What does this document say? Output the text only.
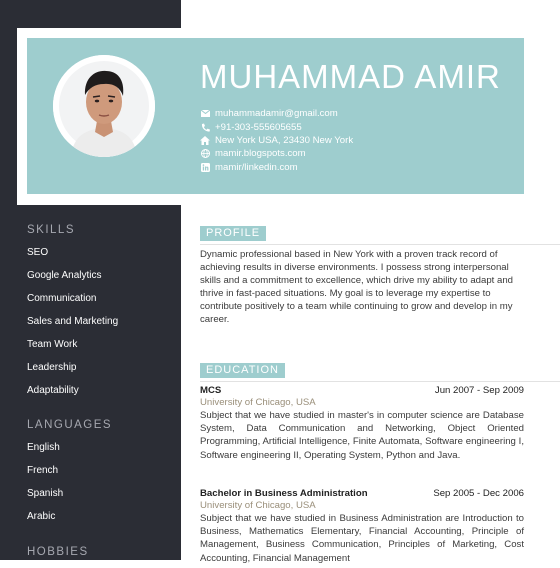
MUHAMMAD AMIR
muhammadamir@gmail.com
+91-303-555605655
New York USA, 23430 New York
mamir.blogspots.com
mamir/linkedin.com
SKILLS
SEO
Google Analytics
Communication
Sales and Marketing
Team Work
Leadership
Adaptability
LANGUAGES
English
French
Spanish
Arabic
HOBBIES
PROFILE
Dynamic professional based in New York with a proven track record of achieving results in diverse environments. I possess strong interpersonal skills and a commitment to excellence, which drive my ability to adapt and thrive in fast-paced situations. My goal is to leverage my expertise to contribute positively to a team while continuing to grow and develop in my career.
EDUCATION
MCS	Jun 2007 - Sep 2009
University of Chicago, USA
Subject that we have studied in master's in computer science are Database System, Data Communication and Networking, Object Oriented Programming, Artificial Intelligence, Finite Automata, Software engineering I, Software engineering II, Operating System, Python and Java.
Bachelor in Business Administration	Sep 2005 - Dec 2006
University of Chicago, USA
Subject that we have studied in Business Administration are Introduction to Business, Mathematics Elementary, Financial Accounting, Principle of Management, Business Communication, Principles of Marketing, Cost Accounting, Financial Management
